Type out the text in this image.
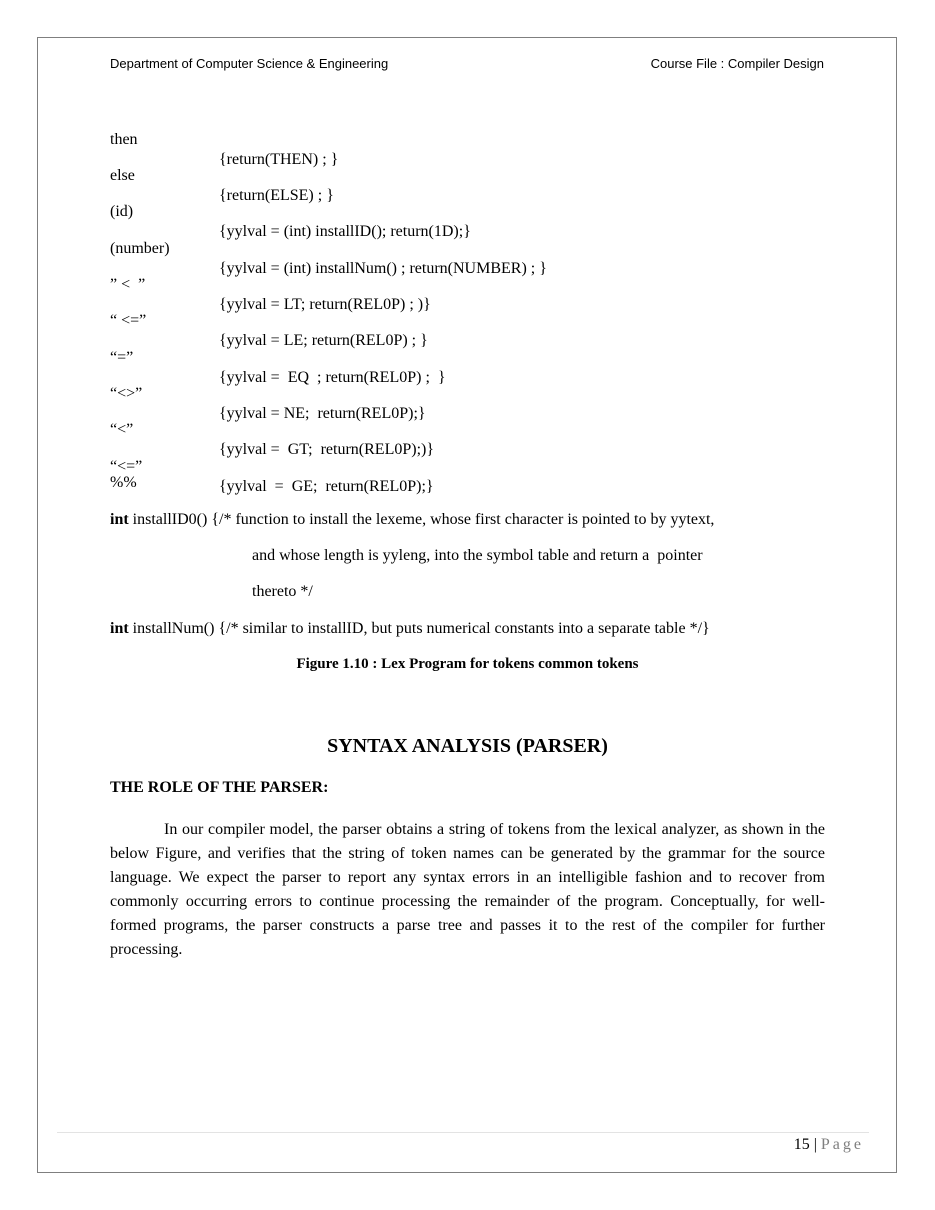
Department of Computer Science & Engineering	Course File : Compiler Design

then

{return(THEN) ; }

else

{return(ELSE) ; }

(id)

{yylval = (int) installID(); return(1D);}

(number)

{yylval = (int) installNum() ; return(NUMBER) ; }

” <  ”

{yylval = LT; return(REL0P) ; )}

“ <=”

{yylval = LE; return(REL0P) ; }

“=”

{yylval =  EQ  ; return(REL0P) ;  }

“<>”

{yylval = NE;  return(REL0P);}

“<”

{yylval =  GT;  return(REL0P);)}

“<=”

{yylval  =  GE;  return(REL0P);}

%%
int installID0() {/* function to install the lexeme, whose first character is pointed to by yytext,
and whose length is yyleng, into the symbol table and return a  pointer
thereto */
int installNum() {/* similar to installID, but puts numerical constants into a separate table */}
Figure 1.10 : Lex Program for tokens common tokens
SYNTAX ANALYSIS (PARSER)
THE ROLE OF THE PARSER:

In our compiler model, the parser obtains a string of tokens from the lexical analyzer, as shown in the below Figure, and verifies that the string of token names can be generated by the grammar for the source language. We expect the parser to report any syntax errors in an intelligible fashion and to recover from commonly occurring errors to continue processing the remainder of the program. Conceptually, for well-formed programs, the parser constructs a parse tree and passes it to the rest of the compiler for further processing.

15 | Page
